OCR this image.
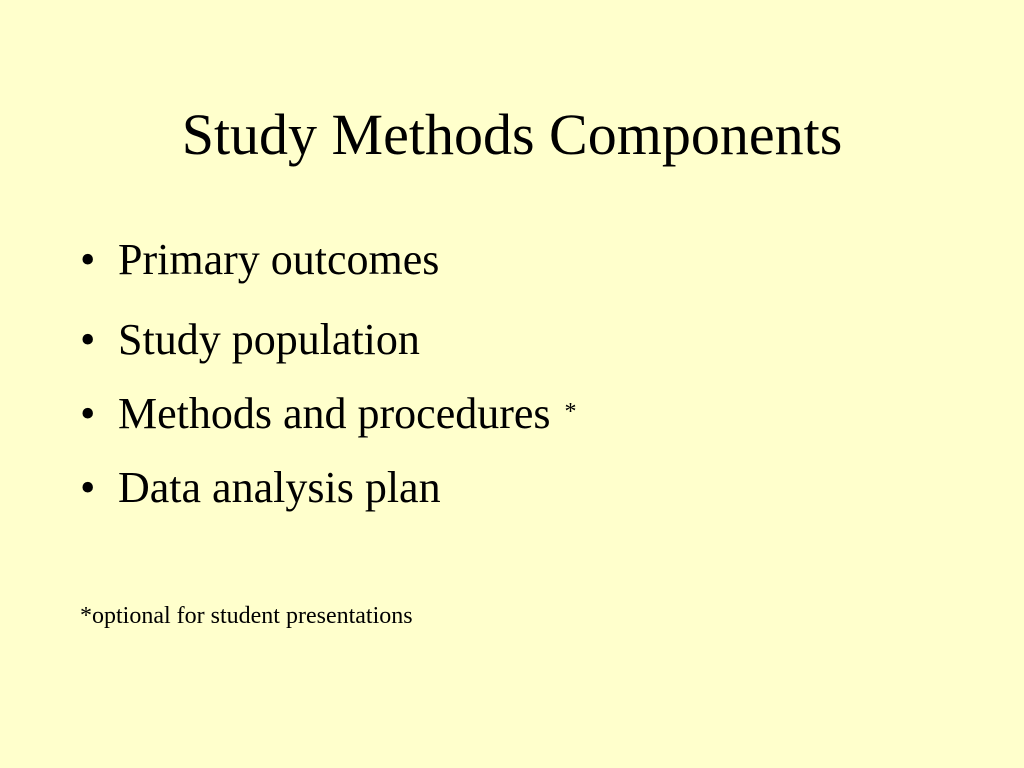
Study Methods Components
• Primary outcomes
• Study population
• Methods and procedures *
• Data analysis plan
*optional for student presentations
